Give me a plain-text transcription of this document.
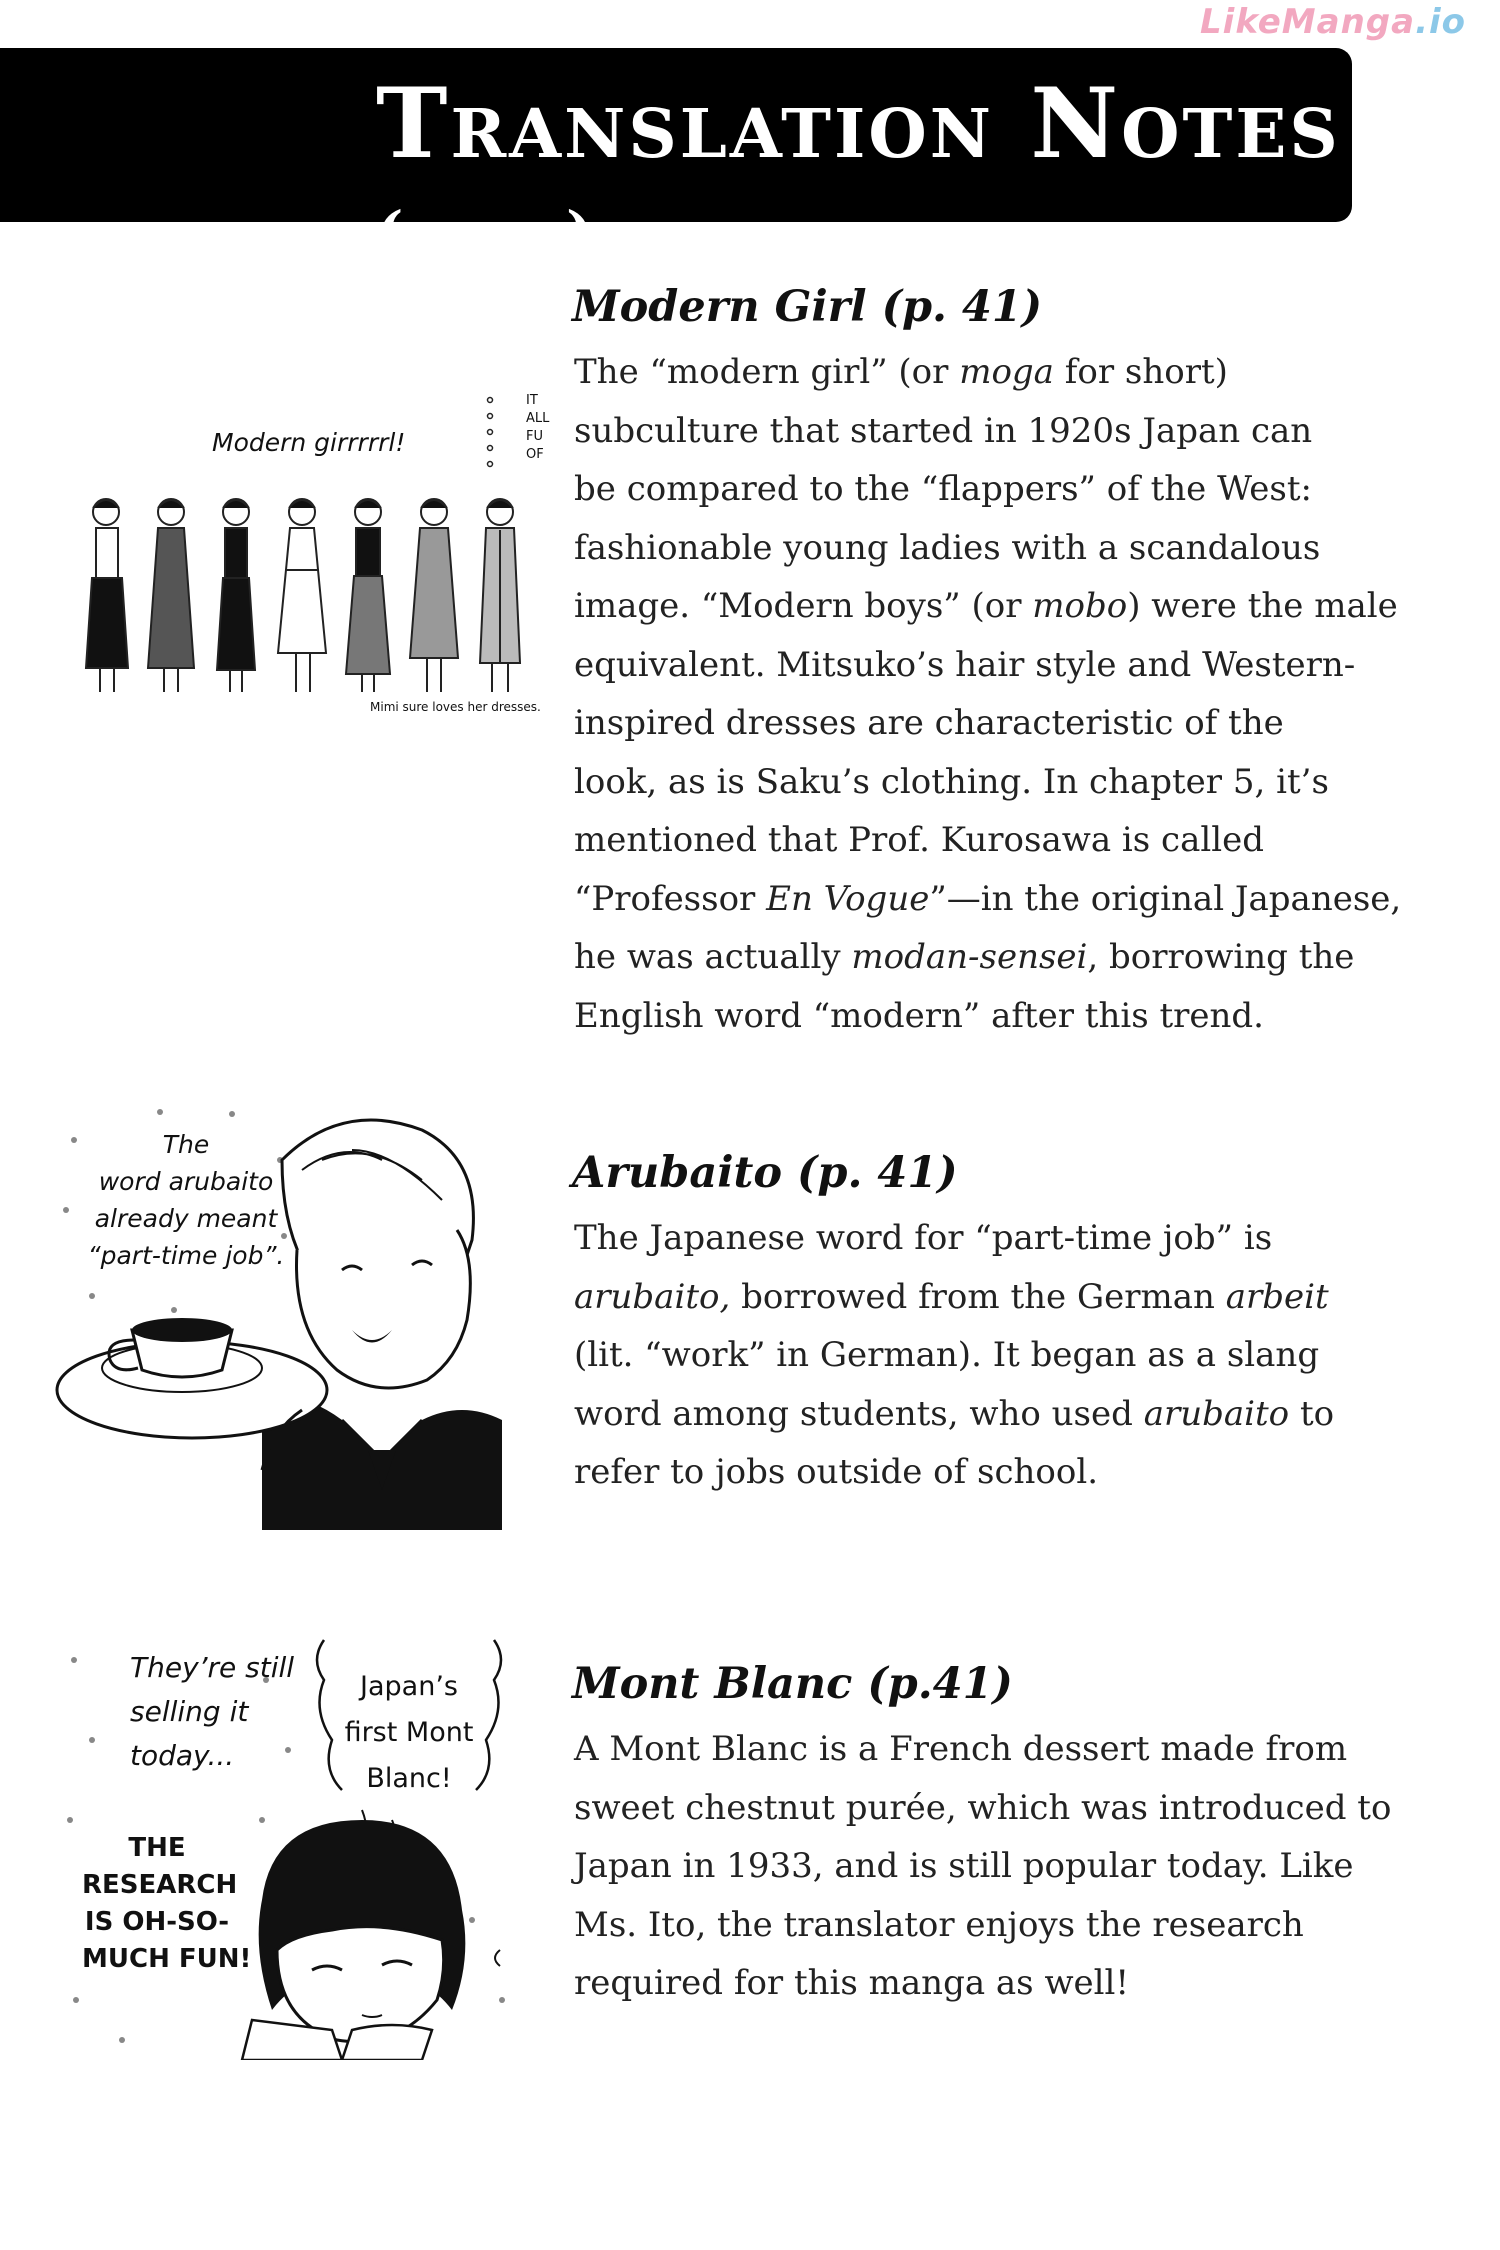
LikeManga.io
Translation Notes (cont.)
Modern Girl (p. 41)

The “modern girl” (or moga for short)

subculture that started in 1920s Japan can

be compared to the “flappers” of the West:

fashionable young ladies with a scandalous

image. “Modern boys” (or mobo) were the male

equivalent. Mitsuko’s hair style and Western-

inspired dresses are characteristic of the

look, as is Saku’s clothing. In chapter 5, it’s

mentioned that Prof. Kurosawa is called

“Professor En Vogue”—in the original Japanese,

he was actually modan-sensei, borrowing the

English word “modern” after this trend.

Modern girrrrrl!
IT
ALL
FU
OF
Mimi sure loves her dresses.
Arubaito (p. 41)

The Japanese word for “part-time job” is

arubaito, borrowed from the German arbeit

(lit. “work” in German). It began as a slang

word among students, who used arubaito to

refer to jobs outside of school.

The
word arubaito
already meant
“part-time job”.
Mont Blanc (p.41)

A Mont Blanc is a French dessert made from

sweet chestnut purée, which was introduced to

Japan in 1933, and is still popular today. Like

Ms. Ito, the translator enjoys the research

required for this manga as well!

They’re still
selling it
today...
Japan’s
first Mont
Blanc!
THE
RESEARCH
IS OH-SO-
MUCH FUN!
